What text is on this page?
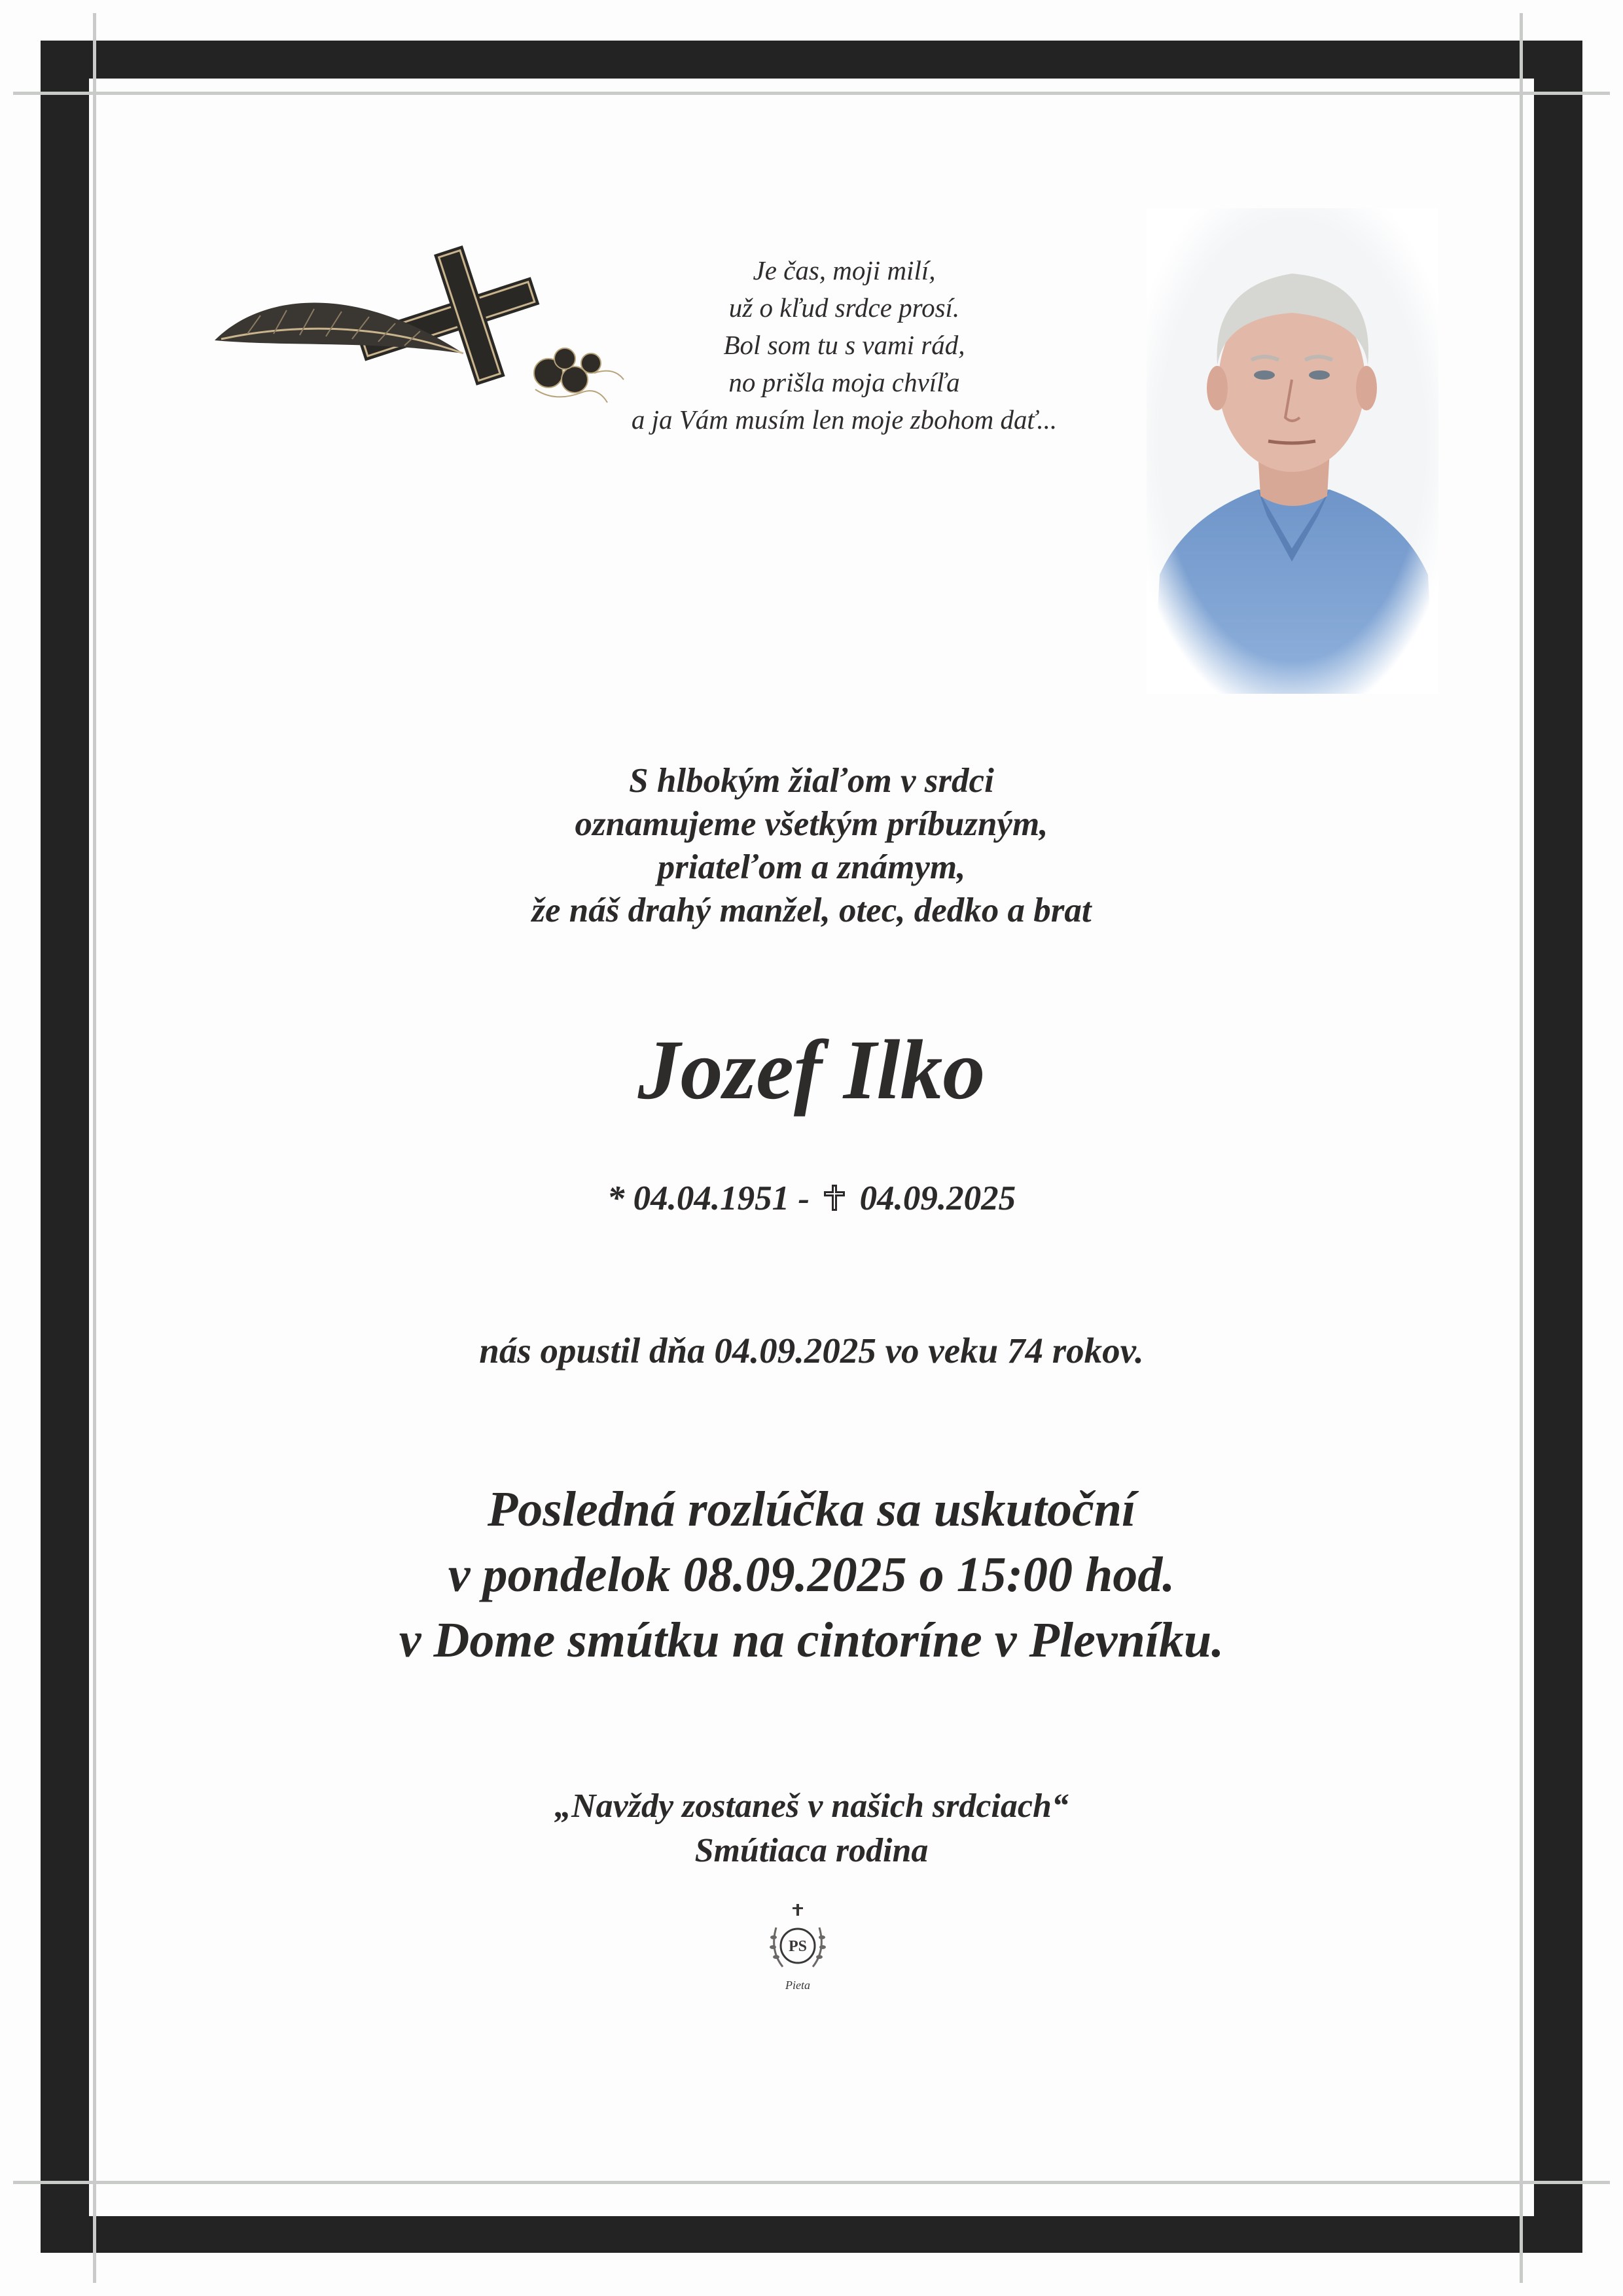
Je čas, moji milí,
už o kľud srdce prosí.
Bol som tu s vami rád,
no prišla moja chvíľa
a ja Vám musím len moje zbohom dať...
S hlbokým žiaľom v srdci
oznamujeme všetkým príbuzným,
priateľom a známym,
že náš drahý manžel, otec, dedko a brat
Jozef Ilko
* 04.04.1951 - 04.09.2025
nás opustil dňa 04.09.2025 vo veku 74 rokov.
Posledná rozlúčka sa uskutoční
v pondelok 08.09.2025 o 15:00 hod.
v Dome smútku na cintoríne v Plevníku.
„Navždy zostaneš v našich srdciach“
Smútiaca rodina
PS
Pieta
